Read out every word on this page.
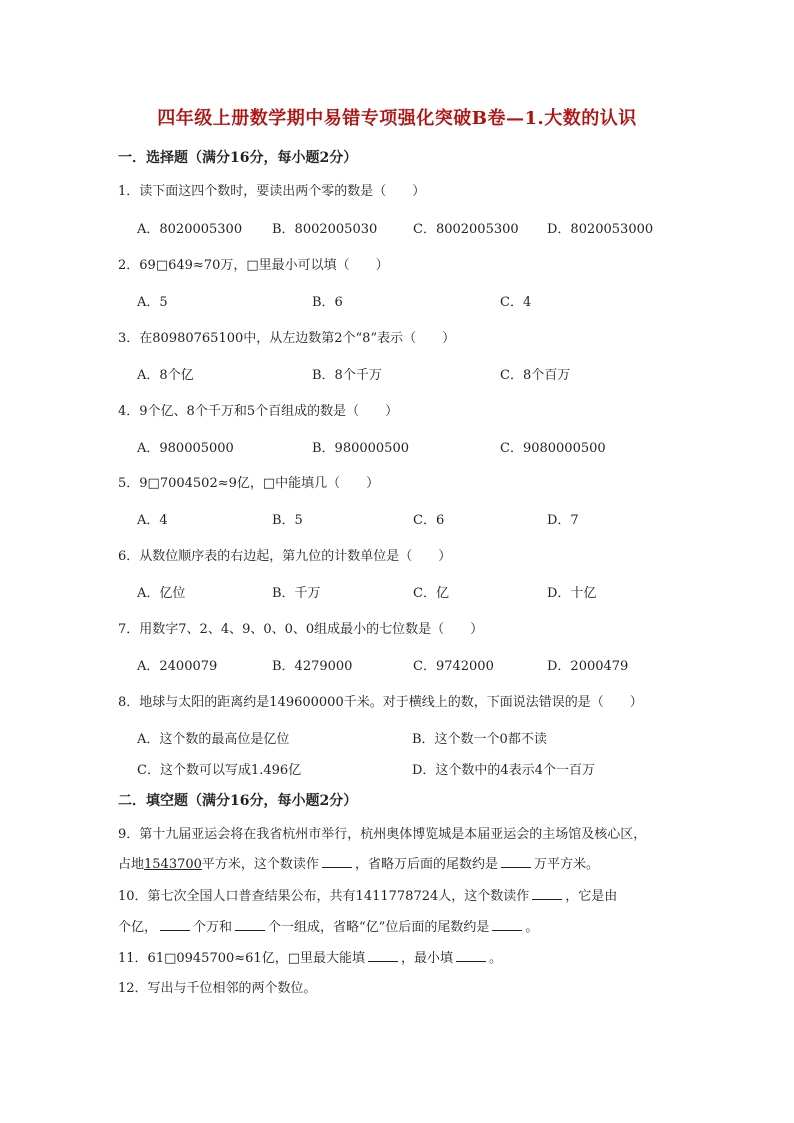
四年级上册数学期中易错专项强化突破B卷—1.大数的认识
一．选择题（满分16分，每小题2分）
1．读下面这四个数时，要读出两个零的数是（　　）
A．8020005300 B．8002005030	C．8002005300 D．8020053000
2．69□649≈70万，□里最小可以填（　　）
A．5	B．6	C．4
3．在80980765100中，从左边数第2个“8”表示（　　）
A．8个亿	B．8个千万	C．8个百万
4．9个亿、8个千万和5个百组成的数是（　　）
A．980005000	B．980000500	C．9080000500
5．9□7004502≈9亿，□中能填几（　　）
A．4	B．5	C．6	D．7
6．从数位顺序表的右边起，第九位的计数单位是（　　）
A．亿位	B．千万	C．亿	D．十亿
7．用数字7、2、4、9、0、0、0组成最小的七位数是（　　）
A．2400079	B．4279000	C．9742000	D．2000479
8．地球与太阳的距离约是149600000千米。对于横线上的数，下面说法错误的是（　　）
A．这个数的最高位是亿位	B．这个数一个0都不读
C．这个数可以写成1.496亿	D．这个数中的4表示4个一百万
二．填空题（满分16分，每小题2分）
9．第十九届亚运会将在我省杭州市举行，杭州奥体博览城是本届亚运会的主场馆及核心区，
占地1543700平方米，这个数读作	，省略万后面的尾数约是	万平方米。
10．第七次全国人口普查结果公布，共有1411778724人，这个数读作	，它是由
个亿，	个万和	个一组成，省略“亿”位后面的尾数约是	。
11．61□0945700≈61亿，□里最大能填	，最小填	。
12．写出与千位相邻的两个数位。
